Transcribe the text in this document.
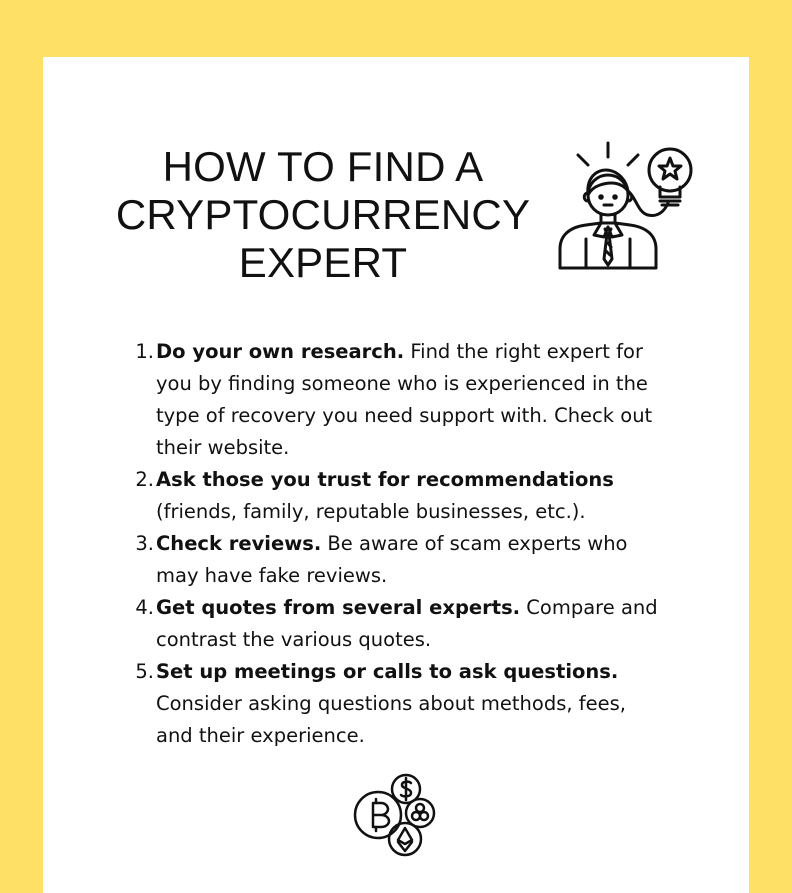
HOW TO FIND A
CRYPTOCURRENCY
EXPERT
1. Do your own research. Find the right expert for you by finding someone who is experienced in the type of recovery you need support with. Check out their website.
2. Ask those you trust for recommendations (friends, family, reputable businesses, etc.).
3. Check reviews. Be aware of scam experts who may have fake reviews.
4. Get quotes from several experts. Compare and contrast the various quotes.
5. Set up meetings or calls to ask questions. Consider asking questions about methods, fees, and their experience.
